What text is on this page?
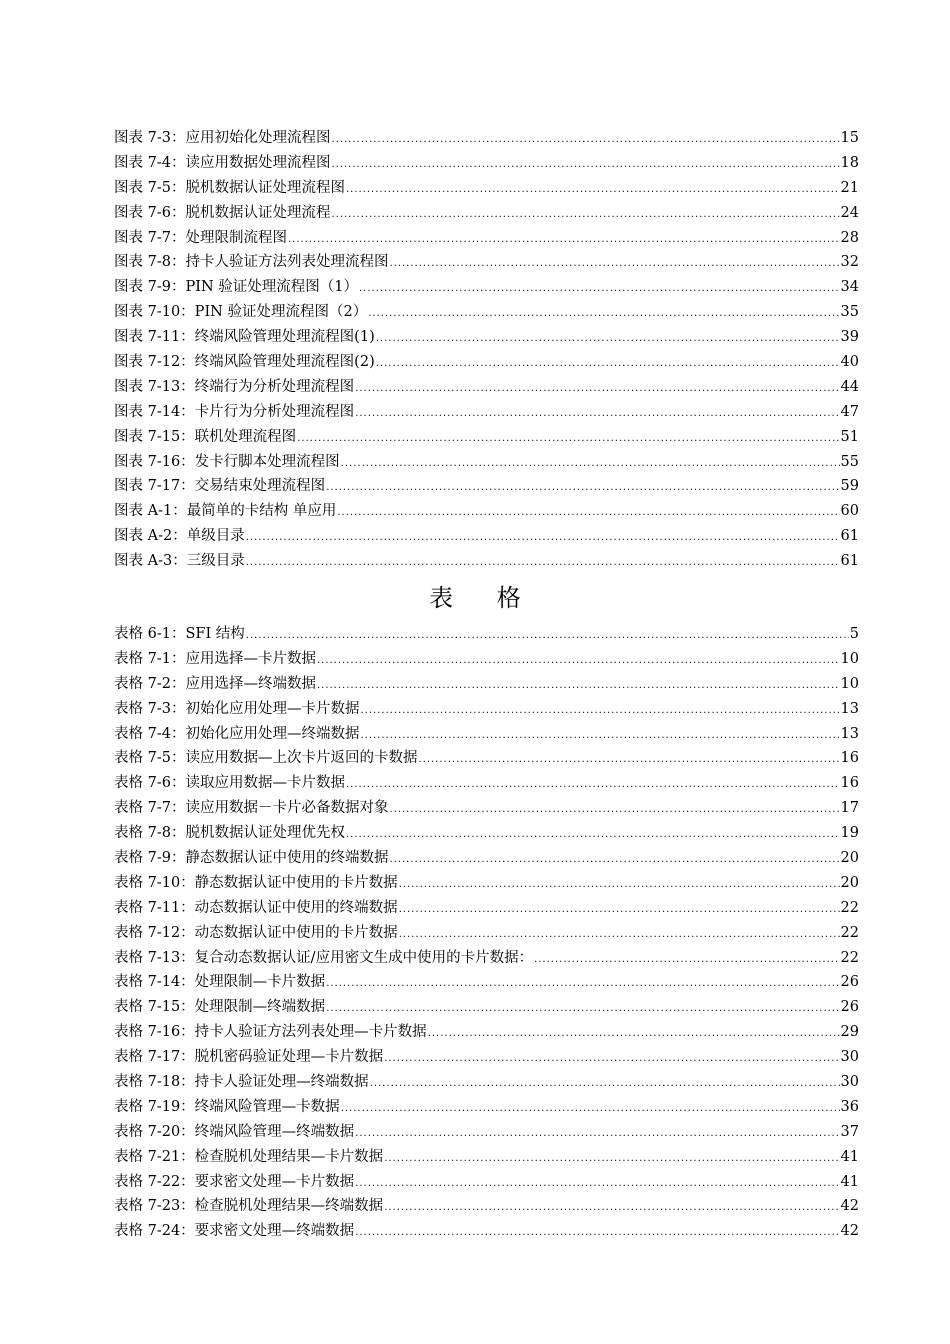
图表 7-3：应用初始化处理流程图 .....	15
图表 7-4：读应用数据处理流程图 .....	18
图表 7-5：脱机数据认证处理流程图 .....	21
图表 7-6：脱机数据认证处理流程 .....	24
图表 7-7：处理限制流程图 .....	28
图表 7-8：持卡人验证方法列表处理流程图 .....	32
图表 7-9：PIN 验证处理流程图（1） .....	34
图表 7-10：PIN 验证处理流程图（2） .....	35
图表 7-11：终端风险管理处理流程图(1) .....	39
图表 7-12：终端风险管理处理流程图(2) .....	40
图表 7-13：终端行为分析处理流程图 .....	44
图表 7-14：卡片行为分析处理流程图 .....	47
图表 7-15：联机处理流程图 .....	51
图表 7-16：发卡行脚本处理流程图 .....	55
图表 7-17：交易结束处理流程图 .....	59
图表 A-1：最简单的卡结构 单应用 .....	60
图表 A-2：单级目录 .....	61
图表 A-3：三级目录 .....	61
表 格
表格 6-1：SFI 结构 .....	5
表格 7-1：应用选择—卡片数据 .....	10
表格 7-2：应用选择—终端数据 .....	10
表格 7-3：初始化应用处理—卡片数据 .....	13
表格 7-4：初始化应用处理—终端数据 .....	13
表格 7-5：读应用数据—上次卡片返回的卡数据 .....	16
表格 7-6：读取应用数据—卡片数据 .....	16
表格 7-7：读应用数据－卡片必备数据对象 .....	17
表格 7-8：脱机数据认证处理优先权 .....	19
表格 7-9：静态数据认证中使用的终端数据 .....	20
表格 7-10：静态数据认证中使用的卡片数据 .....	20
表格 7-11：动态数据认证中使用的终端数据 .....	22
表格 7-12：动态数据认证中使用的卡片数据 .....	22
表格 7-13：复合动态数据认证/应用密文生成中使用的卡片数据： .....	22
表格 7-14：处理限制—卡片数据 .....	26
表格 7-15：处理限制—终端数据 .....	26
表格 7-16：持卡人验证方法列表处理—卡片数据 .....	29
表格 7-17：脱机密码验证处理—卡片数据 .....	30
表格 7-18：持卡人验证处理—终端数据 .....	30
表格 7-19：终端风险管理—卡数据 .....	36
表格 7-20：终端风险管理—终端数据 .....	37
表格 7-21：检查脱机处理结果—卡片数据 .....	41
表格 7-22：要求密文处理—卡片数据 .....	41
表格 7-23：检查脱机处理结果—终端数据 .....	42
表格 7-24：要求密文处理—终端数据 .....	42
